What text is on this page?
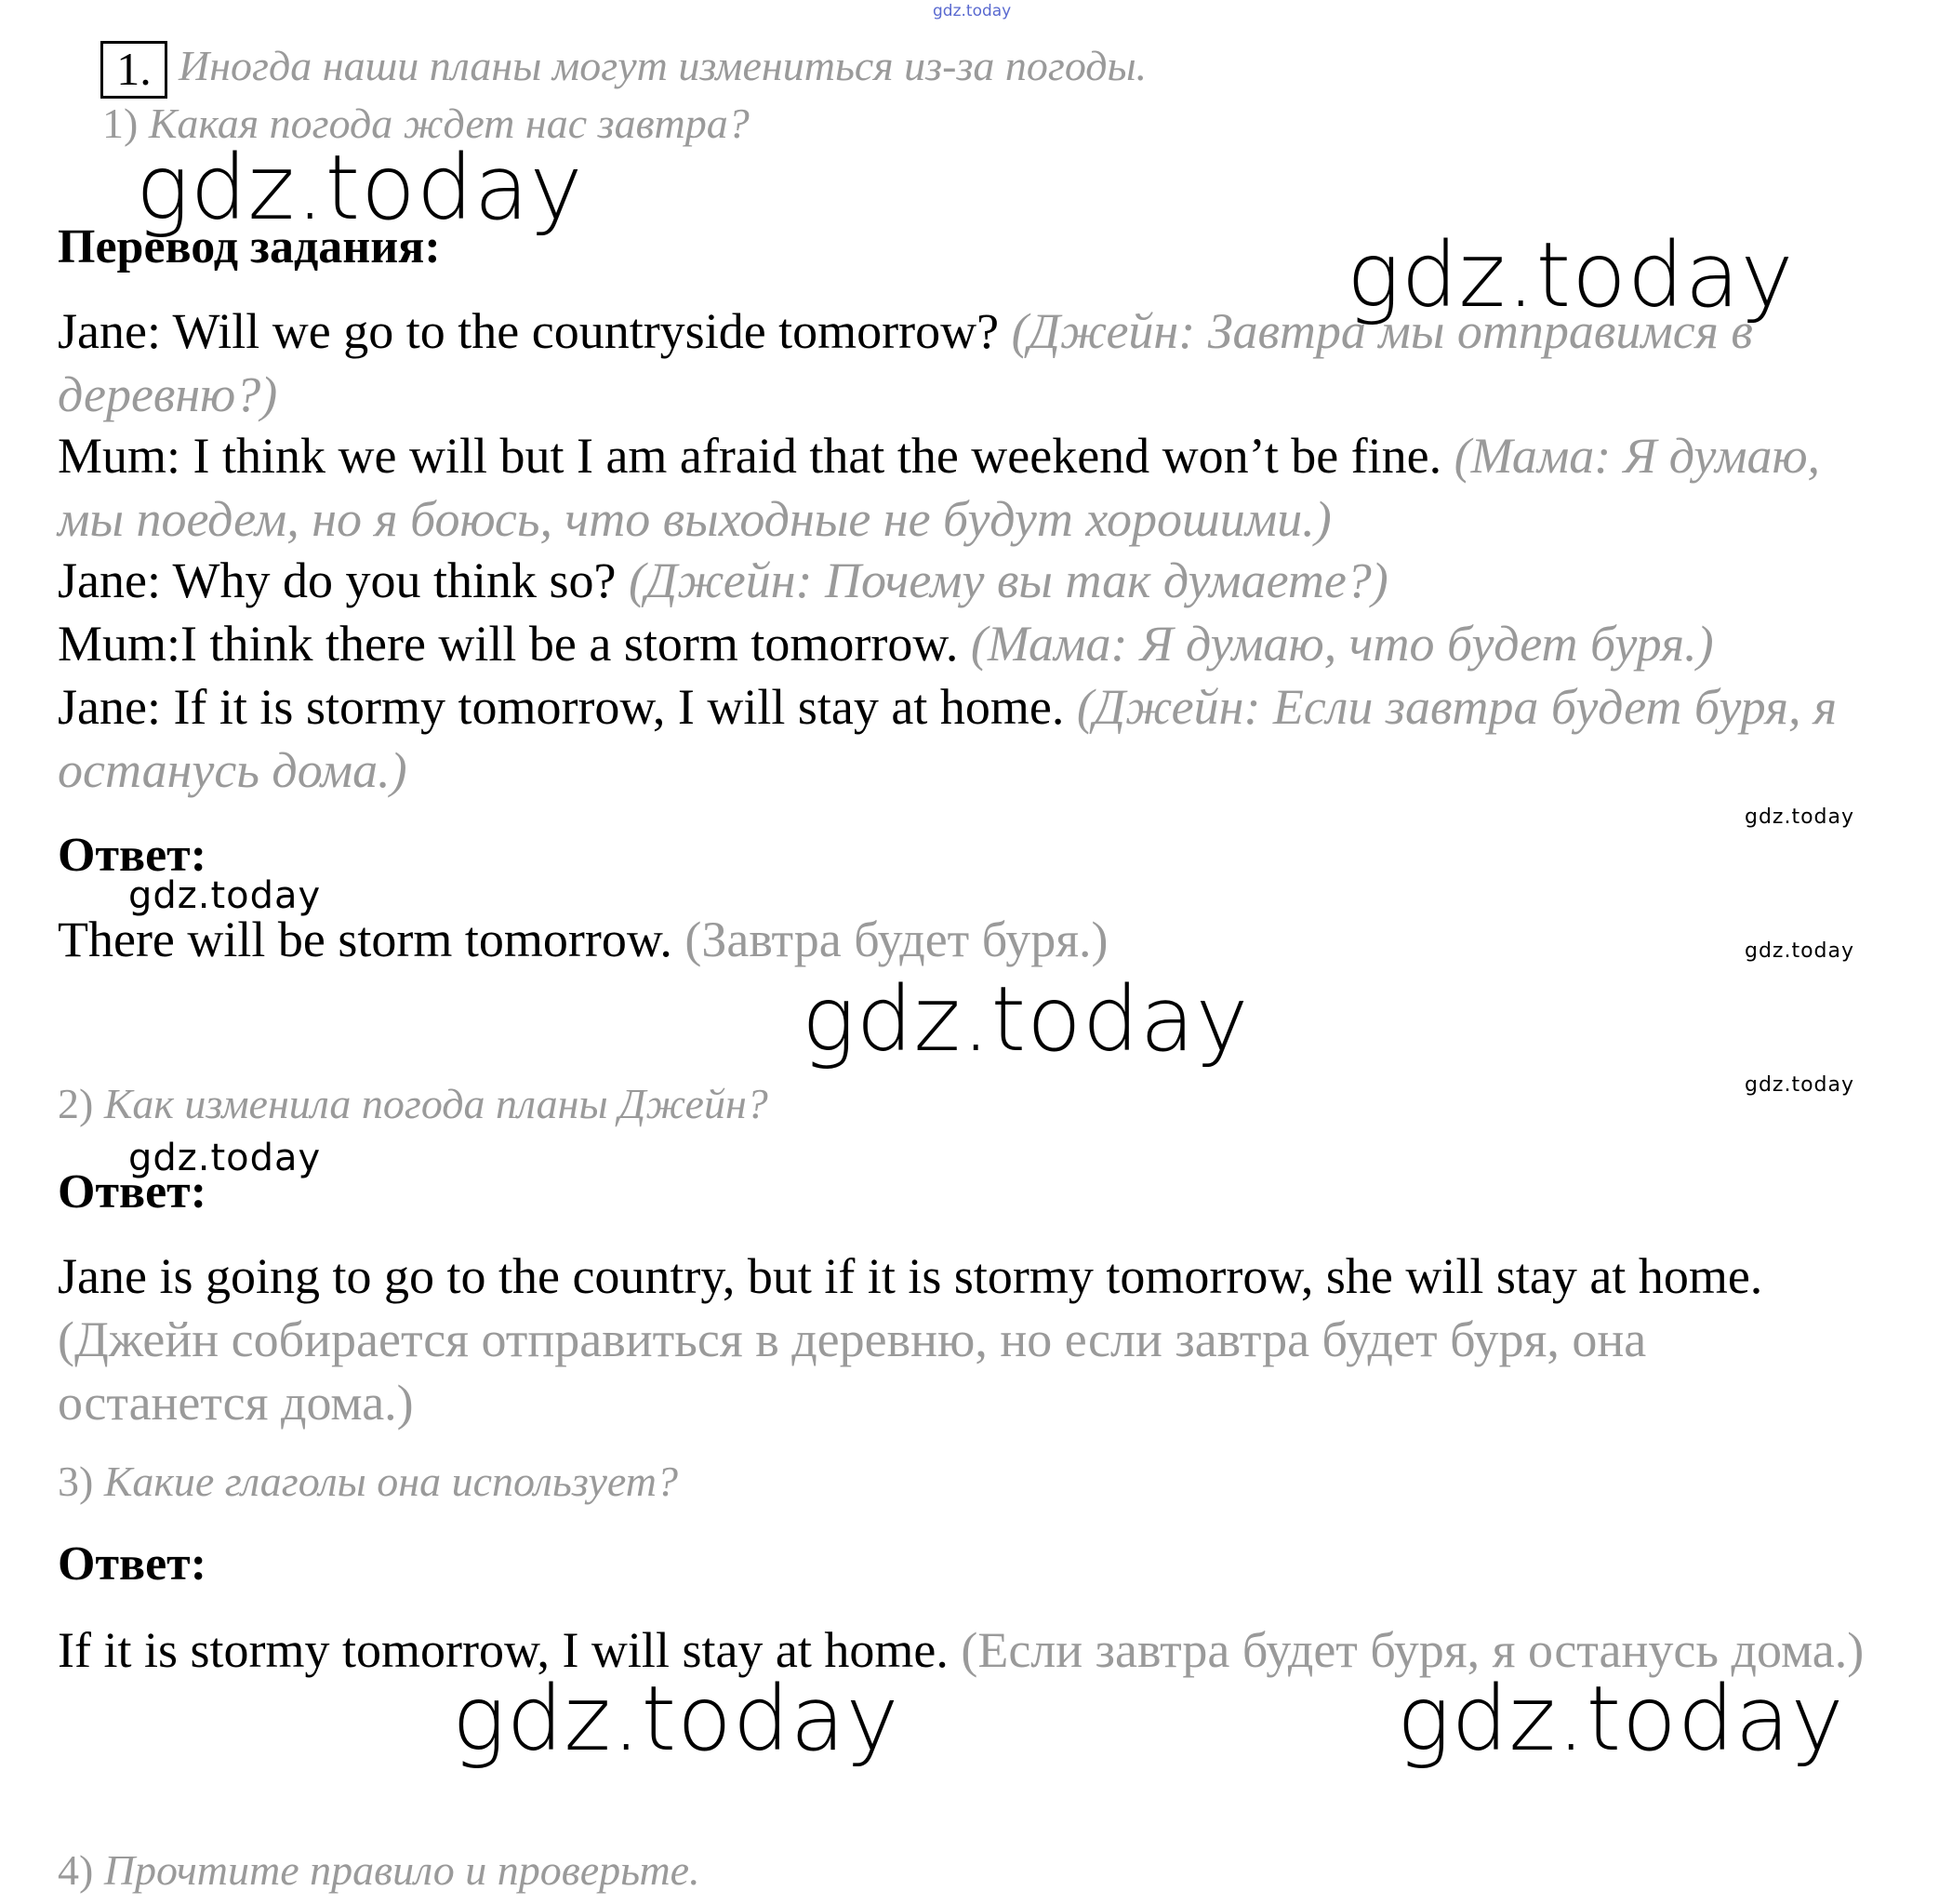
gdz.today
1. Иногда наши планы могут измениться из-за погоды.
1) Какая погода ждет нас завтра?
Перевод задания:
Jane: Will we go to the countryside tomorrow? (Джейн: Завтра мы отправимся в деревню?)
Mum: I think we will but I am afraid that the weekend won’t be fine. (Мама: Я думаю, мы поедем, но я боюсь, что выходные не будут хорошими.)
Jane: Why do you think so? (Джейн: Почему вы так думаете?)
Mum:I think there will be a storm tomorrow. (Мама: Я думаю, что будет буря.)
Jane: If it is stormy tomorrow, I will stay at home. (Джейн: Если завтра будет буря, я останусь дома.)
Ответ:
There will be storm tomorrow. (Завтра будет буря.)
2) Как изменила погода планы Джейн?
Ответ:
Jane is going to go to the country, but if it is stormy tomorrow, she will stay at home. (Джейн собирается отправиться в деревню, но если завтра будет буря, она останется дома.)
3) Какие глаголы она использует?
Ответ:
If it is stormy tomorrow, I will stay at home. (Если завтра будет буря, я останусь дома.)
4) Прочтите правило и проверьте.
gdz.today
gdz.today
gdz.today
gdz.today
gdz.today
gdz.today
gdz.today
gdz.today
gdz.today	gdz.today
